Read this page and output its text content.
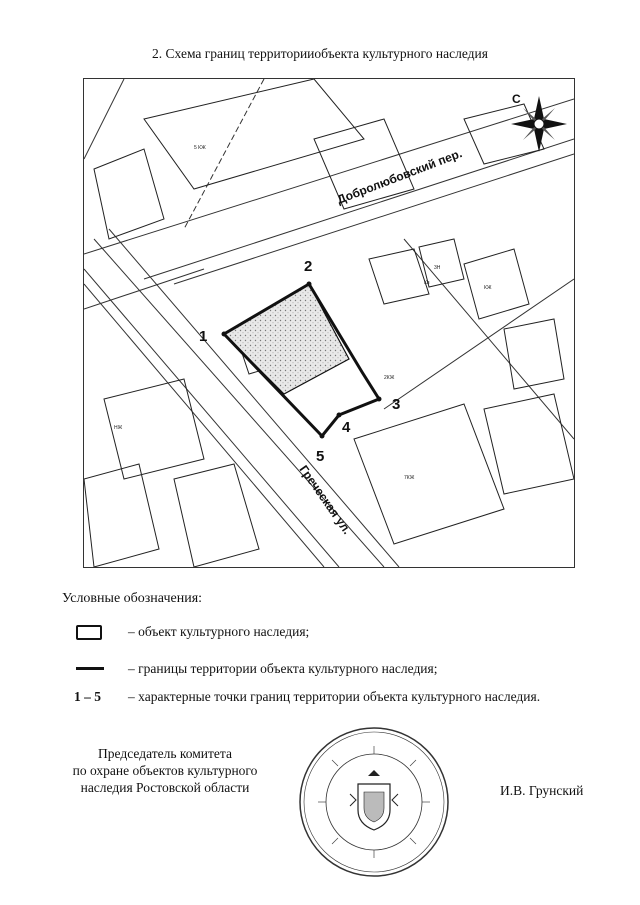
2. Схема границ территорииобъекта культурного наследия
5 КЖ
2КЖ
7КЖ
НЖ
3Н
Кв
КЖ
1
2
3
4
5
Добролюбовский пер.
Греческая ул.
С
Условные обозначения:
– объект культурного наследия;
– границы территории объекта культурного наследия;
1 – 5 – характерные точки границ территории объекта культурного наследия.
Председатель комитета
по охране объектов культурного
наследия Ростовской области	И.В. Грунский
